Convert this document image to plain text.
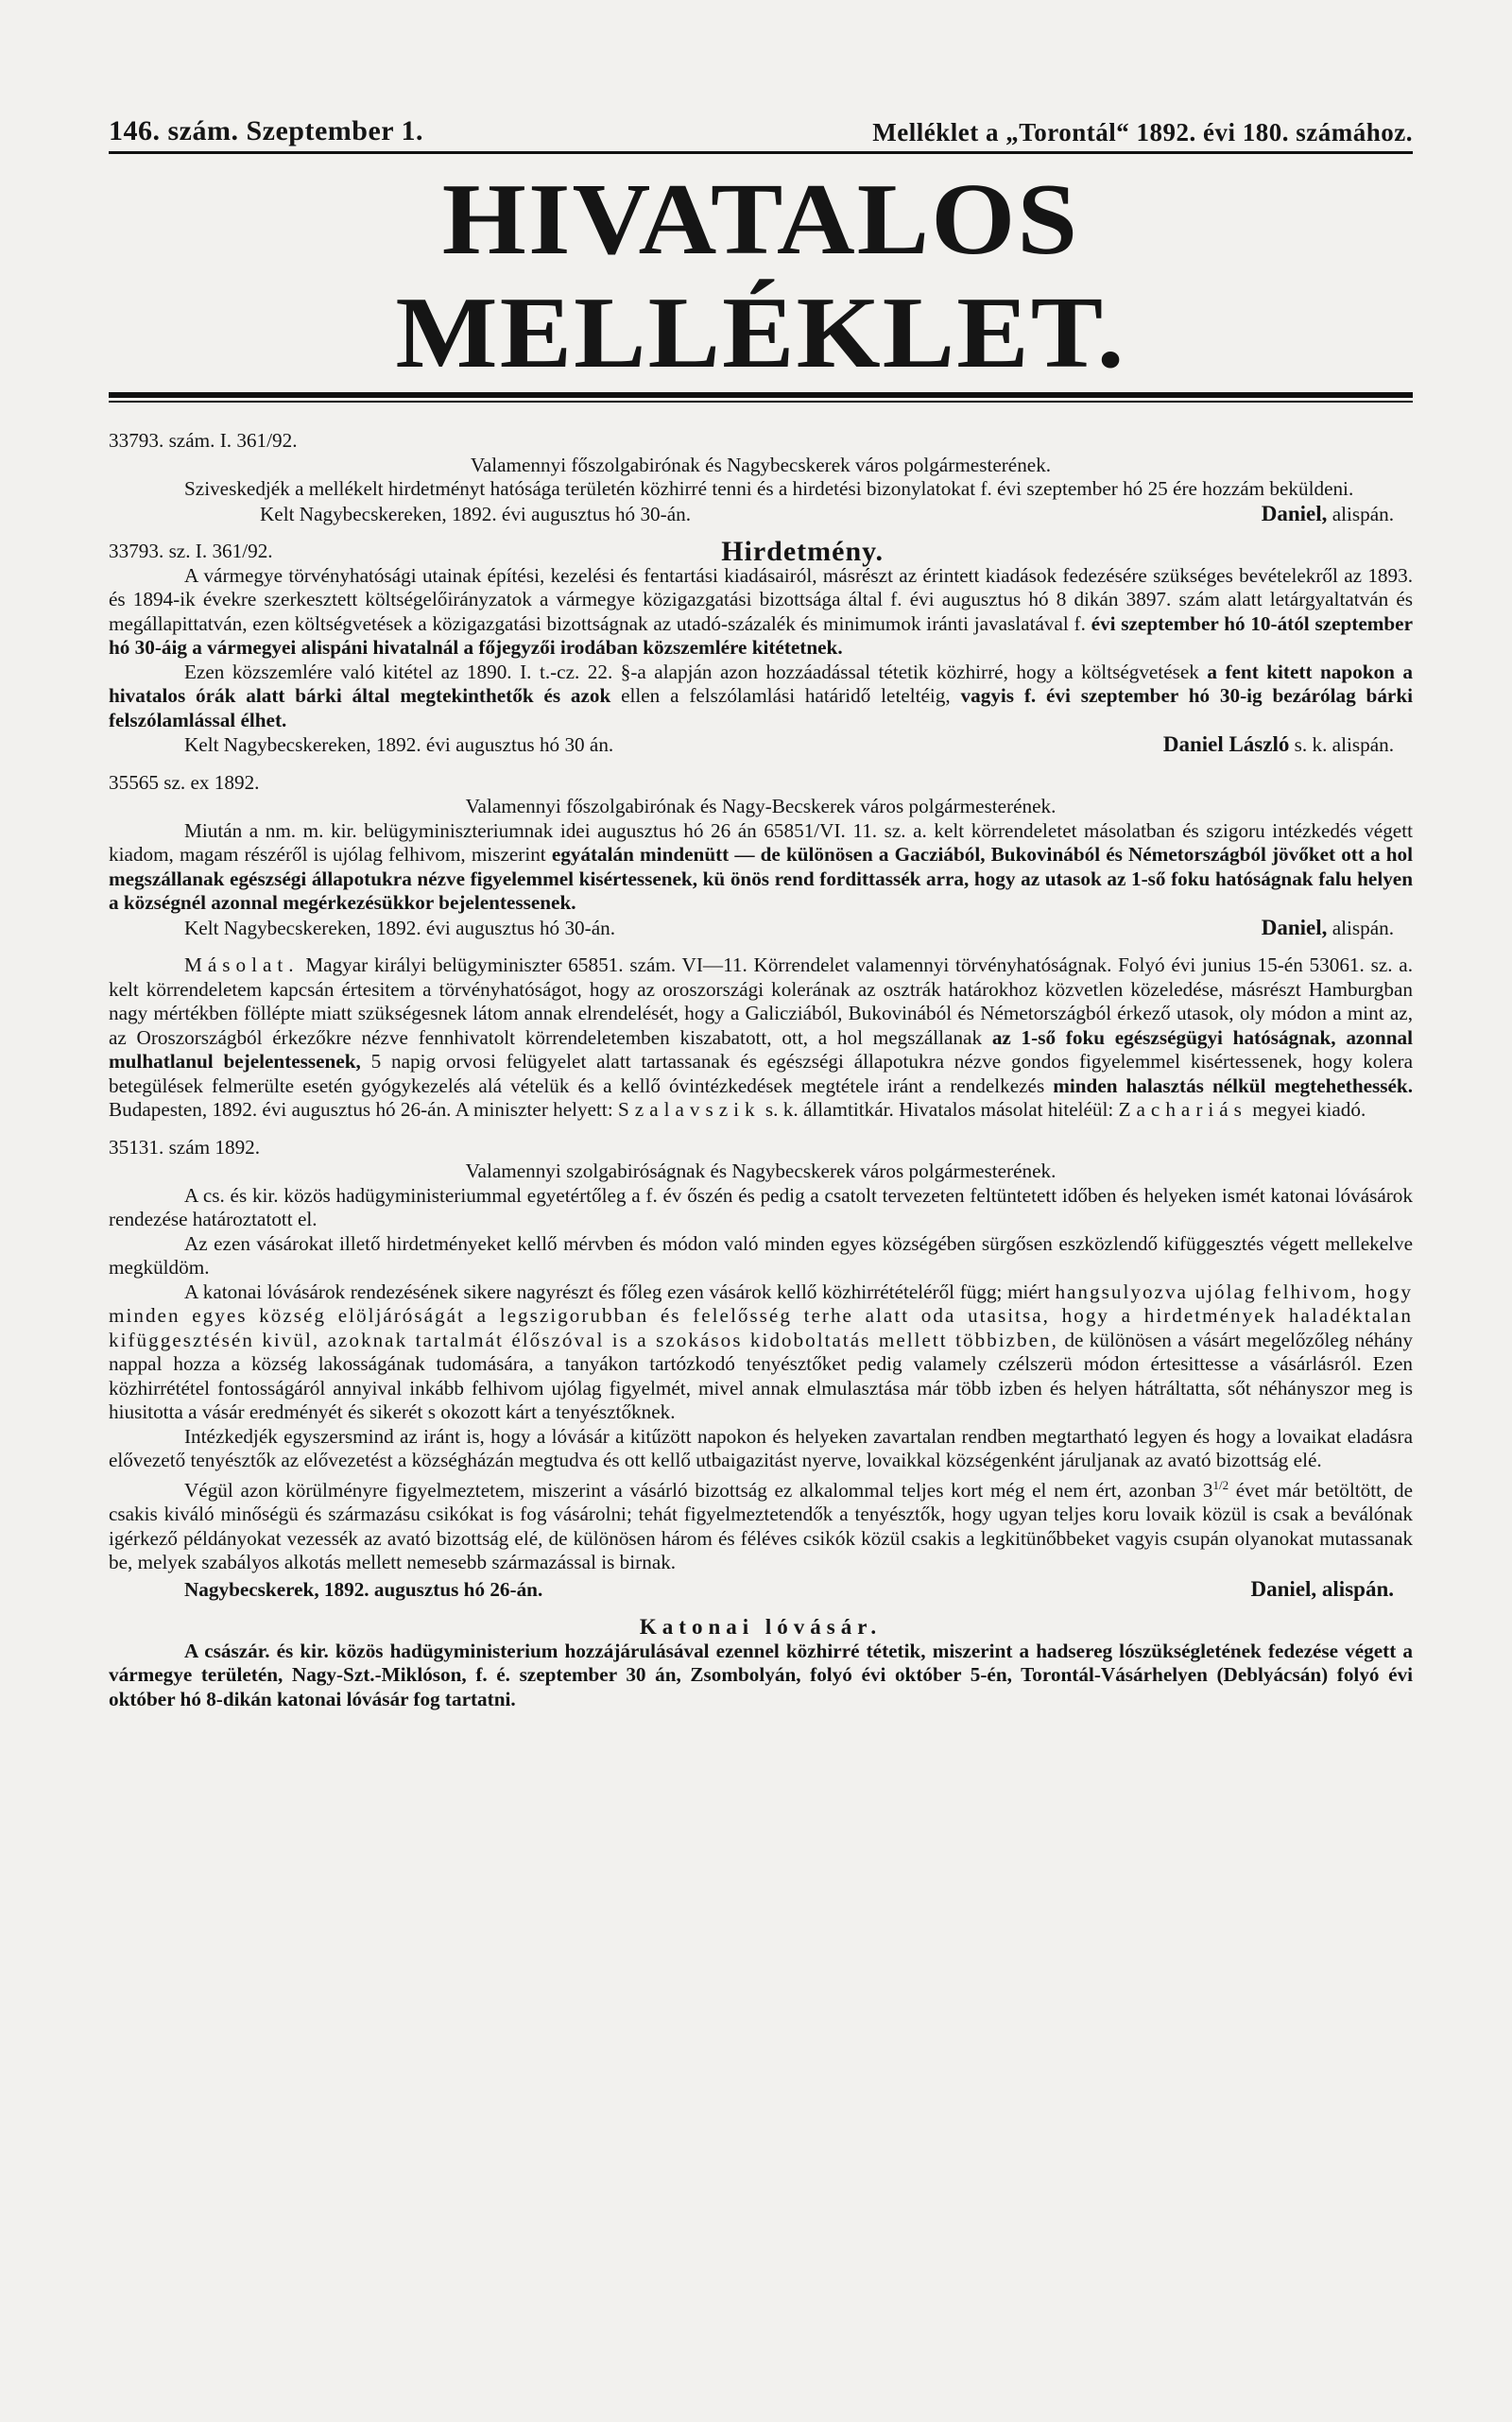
146. szám. Szeptember 1.	Melléklet a „Torontál“ 1892. évi 180. számához.
HIVATALOS MELLÉKLET.

33793. szám. I. 361/92.

Valamennyi főszolgabirónak és Nagybecskerek város polgármesterének.

Sziveskedjék a mellékelt hirdetményt hatósága területén közhirré tenni és a hirdetési bizonylatokat f. évi szeptember hó 25 ére hozzám beküldeni.

Kelt Nagybecskereken, 1892. évi augusztus hó 30-án.	Daniel, alispán.
33793. sz. I. 361/92.	Hirdetmény.

A vármegye törvényhatósági utainak építési, kezelési és fentartási kiadásairól, másrészt az érintett kiadások fedezésére szükséges bevételekről az 1893. és 1894-ik évekre szerkesztett költségelőirányzatok a vármegye közigazgatási bizottsága által f. évi augusztus hó 8 dikán 3897. szám alatt letárgyaltatván és megállapittatván, ezen költségvetések a közigazgatási bizottságnak az utadó-százalék és minimumok iránti javaslatával f. évi szeptember hó 10-ától szeptember hó 30-áig a vármegyei alispáni hivatalnál a főjegyzői irodában közszemlére kitétetnek.

Ezen közszemlére való kitétel az 1890. I. t.-cz. 22. §-a alapján azon hozzáadással tétetik közhirré, hogy a költségvetések a fent kitett napokon a hivatalos órák alatt bárki által megtekinthetők és azok ellen a felszólamlási határidő leteltéig, vagyis f. évi szeptember hó 30-ig bezárólag bárki felszólamlással élhet.

Kelt Nagybecskereken, 1892. évi augusztus hó 30 án.	Daniel László s. k. alispán.

35565 sz. ex 1892.

Valamennyi főszolgabirónak és Nagy-Becskerek város polgármesterének.

Miután a nm. m. kir. belügyminiszteriumnak idei augusztus hó 26 án 65851/VI. 11. sz. a. kelt körrendeletet másolatban és szigoru intézkedés végett kiadom, magam részéről is ujólag felhivom, miszerint egyátalán mindenütt — de különösen a Gacziából, Bukovinából és Németországból jövőket ott a hol megszállanak egészségi állapotukra nézve figyelemmel kisértessenek, kü önös rend fordittassék arra, hogy az utasok az 1-ső foku hatóságnak falu helyen a községnél azonnal megérkezésükkor bejelentessenek.

Kelt Nagybecskereken, 1892. évi augusztus hó 30-án.	Daniel, alispán.

Másolat. Magyar királyi belügyminiszter 65851. szám. VI—11. Körrendelet valamennyi törvényhatóságnak. Folyó évi junius 15-én 53061. sz. a. kelt körrendeletem kapcsán értesitem a törvényhatóságot, hogy az oroszországi kolerának az osztrák határokhoz közvetlen közeledése, másrészt Hamburgban nagy mértékben föllépte miatt szükségesnek látom annak elrendelését, hogy a Galicziából, Bukovinából és Németországból érkező utasok, oly módon a mint az, az Oroszországból érkezőkre nézve fennhivatolt körrendeletemben kiszabatott, ott, a hol megszállanak az 1-ső foku egészségügyi hatóságnak, azonnal mulhatlanul bejelentessenek, 5 napig orvosi felügyelet alatt tartassanak és egészségi állapotukra nézve gondos figyelemmel kisértessenek, hogy kolera betegülések felmerülte esetén gyógykezelés alá vételük és a kellő óvintézkedések megtétele iránt a rendelkezés minden halasztás nélkül megtehethessék. Budapesten, 1892. évi augusztus hó 26-án. A miniszter helyett: Szalavszik s. k. államtitkár. Hivatalos másolat hiteléül: Zachariás megyei kiadó.

35131. szám 1892.

Valamennyi szolgabiróságnak és Nagybecskerek város polgármesterének.

A cs. és kir. közös hadügyministeriummal egyetértőleg a f. év őszén és pedig a csatolt tervezeten feltüntetett időben és helyeken ismét katonai lóvásárok rendezése határoztatott el.

Az ezen vásárokat illető hirdetményeket kellő mérvben és módon való minden egyes községében sürgősen eszközlendő kifüggesztés végett mellekelve megküldöm.

A katonai lóvásárok rendezésének sikere nagyrészt és főleg ezen vásárok kellő közhirrétételéről függ; miért hangsulyozva ujólag felhivom, hogy minden egyes község elöljáróságát a legszigorubban és felelősség terhe alatt oda utasitsa, hogy a hirdetmények haladéktalan kifüggesztésén kivül, azoknak tartalmát élőszóval is a szokásos kidoboltatás mellett többizben, de különösen a vásárt megelőzőleg néhány nappal hozza a község lakosságának tudomására, a tanyákon tartózkodó tenyésztőket pedig valamely czélszerü módon értesittesse a vásárlásról. Ezen közhirrététel fontosságáról annyival inkább felhivom ujólag figyelmét, mivel annak elmulasztása már több izben és helyen hátráltatta, sőt néhányszor meg is hiusitotta a vásár eredményét és sikerét s okozott kárt a tenyésztőknek.

Intézkedjék egyszersmind az iránt is, hogy a lóvásár a kitűzött napokon és helyeken zavartalan rendben megtartható legyen és hogy a lovaikat eladásra elővezető tenyésztők az elővezetést a községházán megtudva és ott kellő utbaigazitást nyerve, lovaikkal községenként járuljanak az avató bizottság elé.

Végül azon körülményre figyelmeztetem, miszerint a vásárló bizottság ez alkalommal teljes kort még el nem ért, azonban $3^{1/2}$ évet már betöltött, de csakis kiváló minőségü és származásu csikókat is fog vásárolni; tehát figyelmeztetendők a tenyésztők, hogy ugyan teljes koru lovaik közül is csak a beválónak igérkező példányokat vezessék az avató bizottság elé, de különösen három és féléves csikók közül csakis a legkitünőbbeket vagyis csupán olyanokat mutassanak be, melyek szabályos alkotás mellett nemesebb származással is birnak.

Nagybecskerek, 1892. augusztus hó 26-án.	Daniel, alispán.

Katonai lóvásár.

A császár. és kir. közös hadügyministerium hozzájárulásával ezennel közhirré tétetik, miszerint a hadsereg lószükségletének fedezése végett a vármegye területén, Nagy-Szt.-Miklóson, f. é. szeptember 30 án, Zsombolyán, folyó évi október 5-én, Torontál-Vásárhelyen (Deblyácsán) folyó évi október hó 8-dikán katonai lóvásár fog tartatni.
